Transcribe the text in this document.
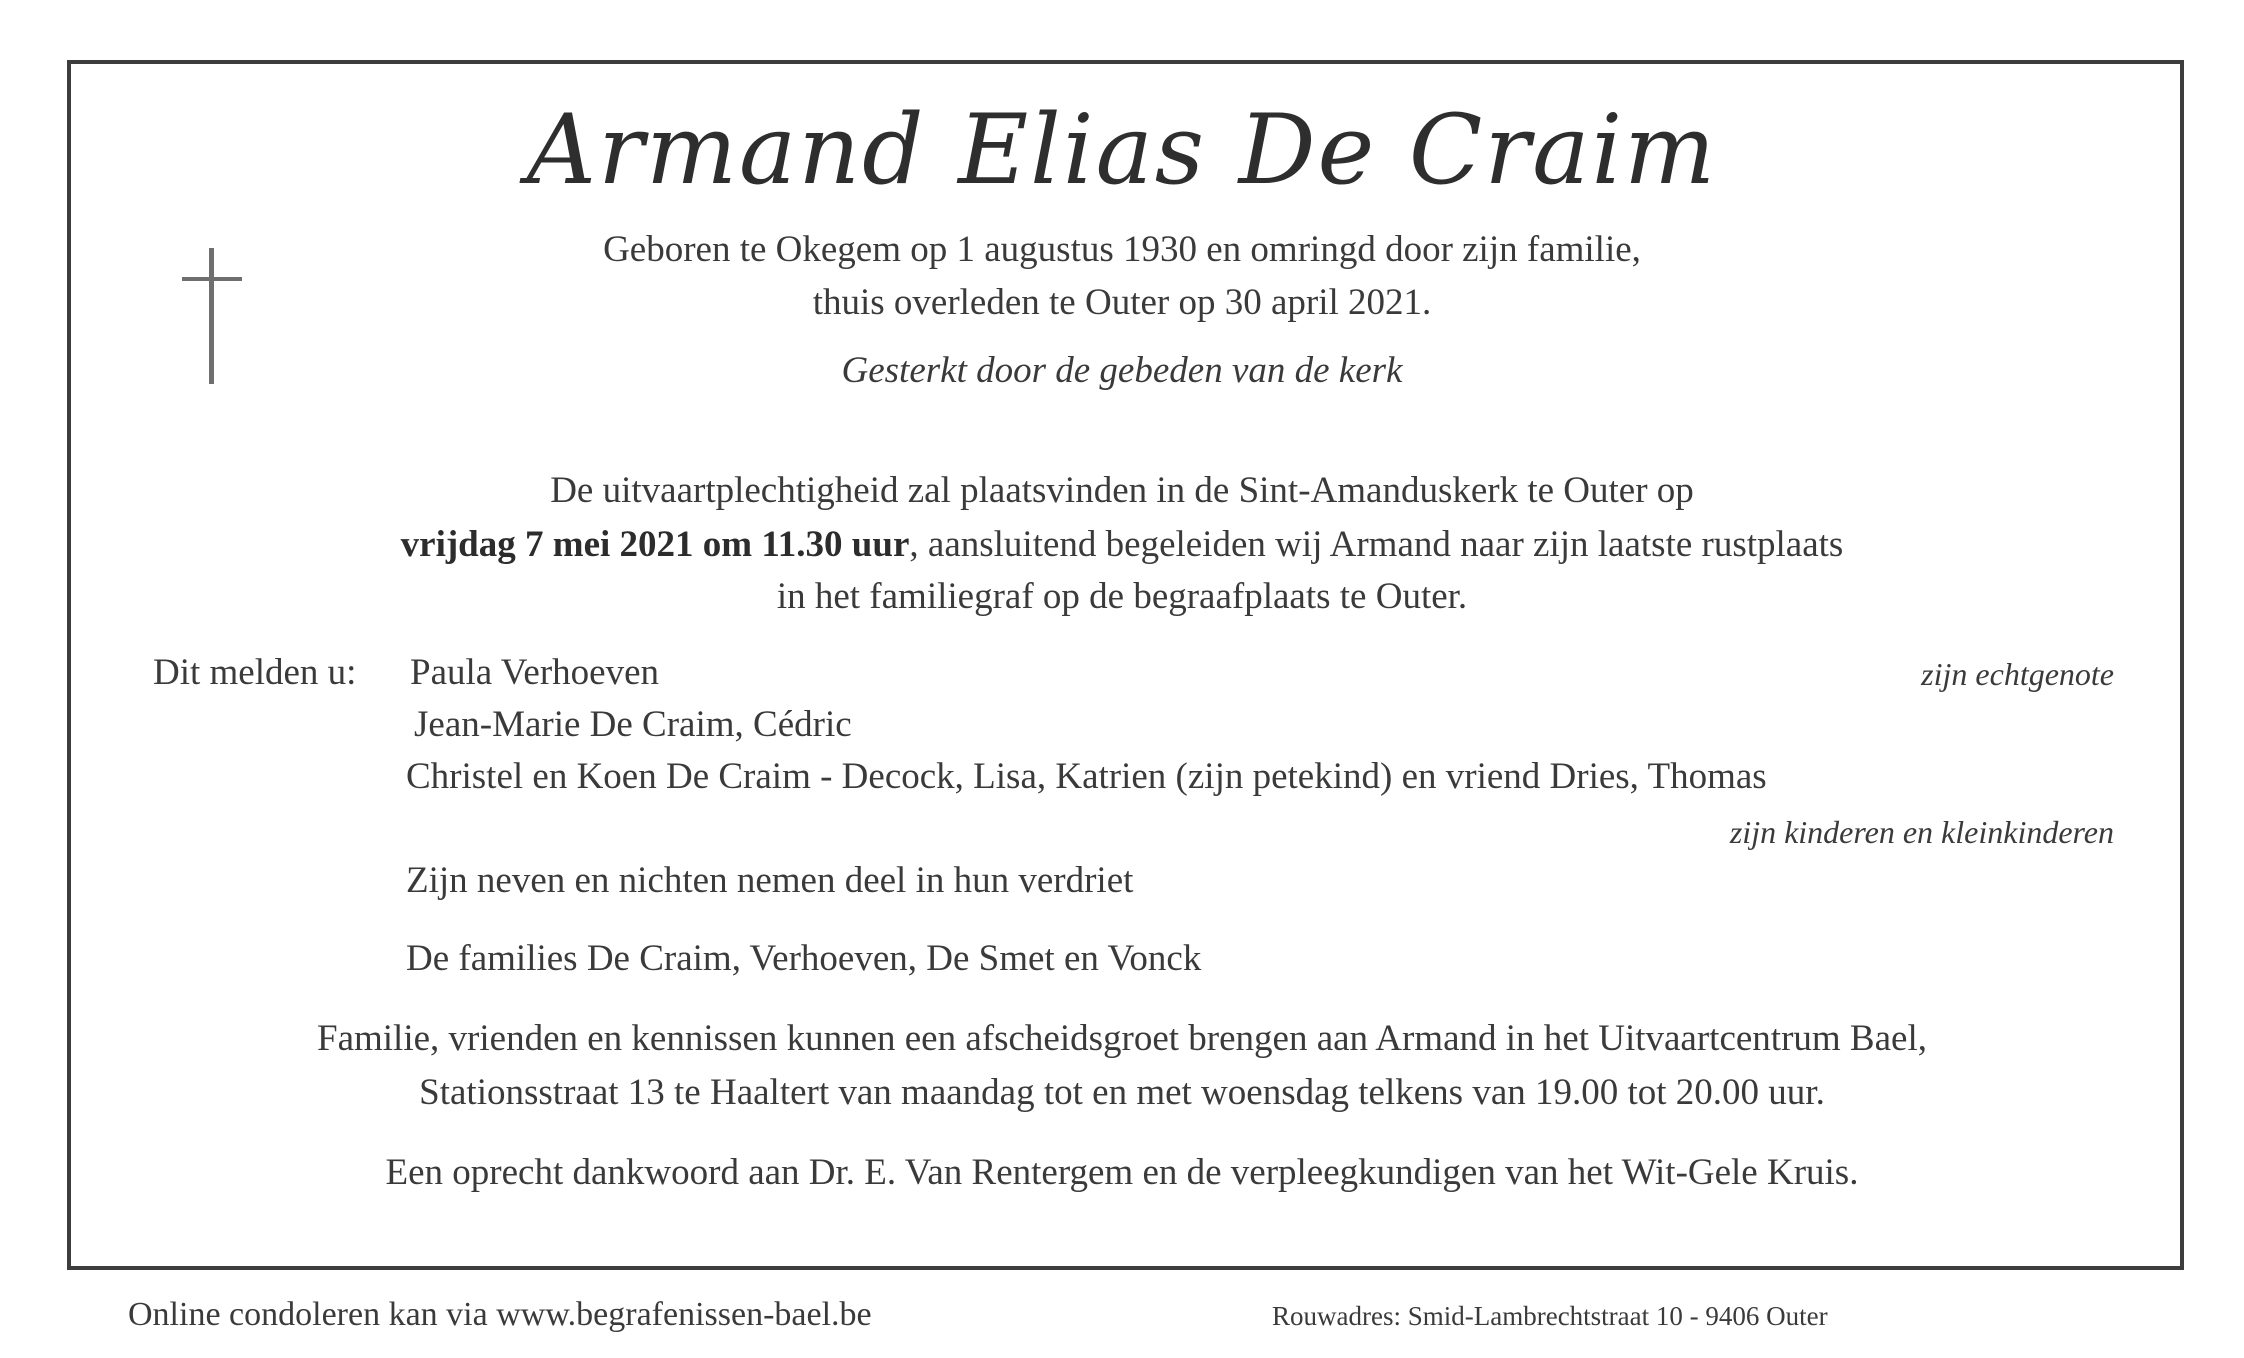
Armand Elias De Craim
Geboren te Okegem op 1 augustus 1930 en omringd door zijn familie,
thuis overleden te Outer op 30 april 2021.
Gesterkt door de gebeden van de kerk
De uitvaartplechtigheid zal plaatsvinden in de Sint-Amanduskerk te Outer op
vrijdag 7 mei 2021 om 11.30 uur, aansluitend begeleiden wij Armand naar zijn laatste rustplaats
in het familiegraf op de begraafplaats te Outer.
Dit melden u: Paula Verhoeven	zijn echtgenote
Jean-Marie De Craim, Cédric
Christel en Koen De Craim - Decock, Lisa, Katrien (zijn petekind) en vriend Dries, Thomas
zijn kinderen en kleinkinderen
Zijn neven en nichten nemen deel in hun verdriet
De families De Craim, Verhoeven, De Smet en Vonck
Familie, vrienden en kennissen kunnen een afscheidsgroet brengen aan Armand in het Uitvaartcentrum Bael,
Stationsstraat 13 te Haaltert van maandag tot en met woensdag telkens van 19.00 tot 20.00 uur.
Een oprecht dankwoord aan Dr. E. Van Rentergem en de verpleegkundigen van het Wit-Gele Kruis.
Online condoleren kan via www.begrafenissen-bael.be	Rouwadres: Smid-Lambrechtstraat 10 - 9406 Outer
